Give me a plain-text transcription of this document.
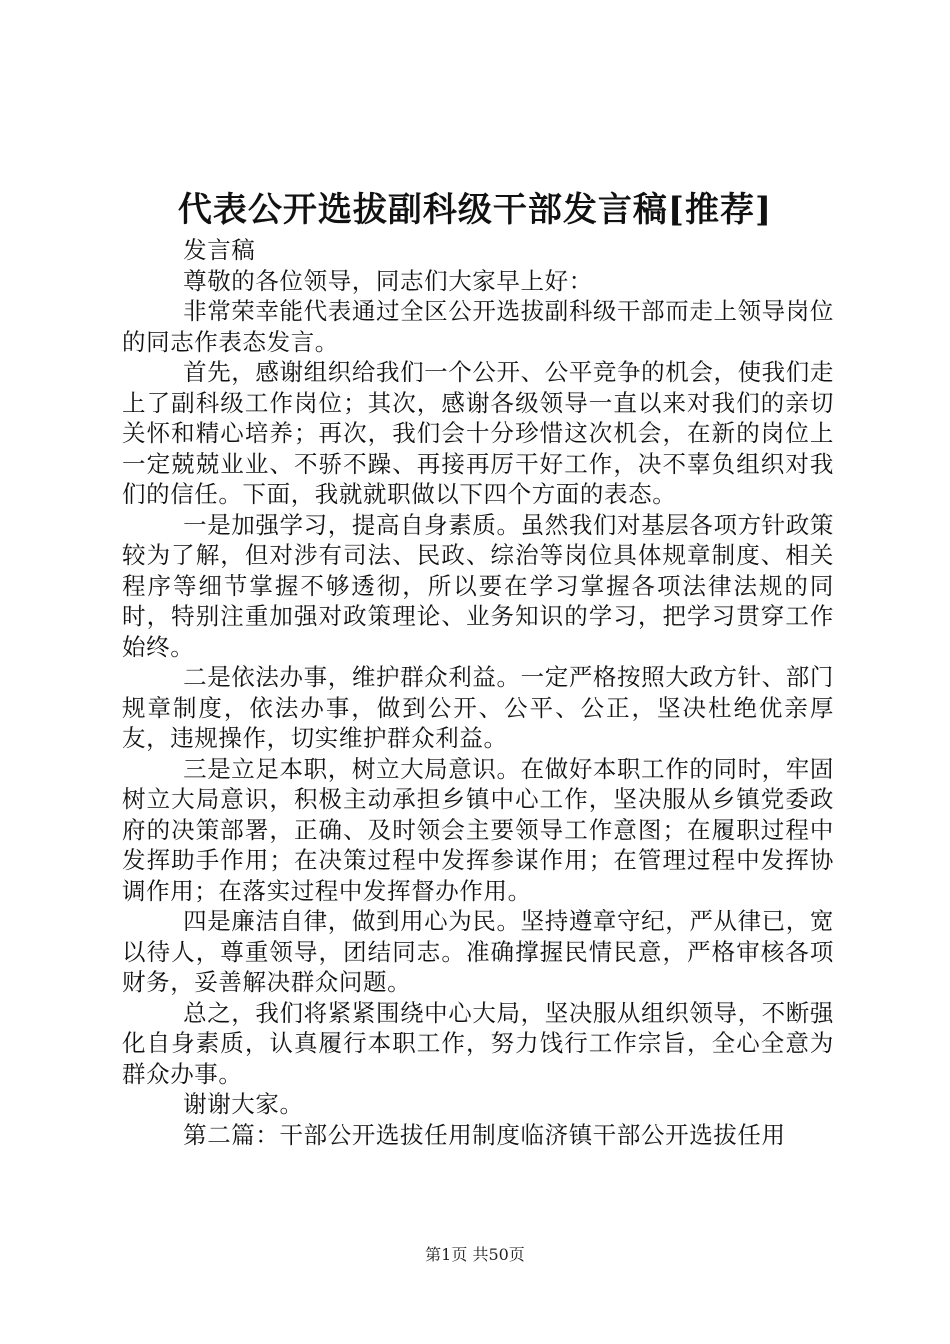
代表公开选拔副科级干部发言稿[推荐]

发言稿

尊敬的各位领导，同志们大家早上好：

非常荣幸能代表通过全区公开选拔副科级干部而走上领导岗位的同志作表态发言。

首先，感谢组织给我们一个公开、公平竞争的机会，使我们走上了副科级工作岗位；其次，感谢各级领导一直以来对我们的亲切关怀和精心培养；再次，我们会十分珍惜这次机会，在新的岗位上一定兢兢业业、不骄不躁、再接再厉干好工作，决不辜负组织对我们的信任。下面，我就就职做以下四个方面的表态。

一是加强学习，提高自身素质。虽然我们对基层各项方针政策较为了解，但对涉有司法、民政、综治等岗位具体规章制度、相关程序等细节掌握不够透彻，所以要在学习掌握各项法律法规的同时，特别注重加强对政策理论、业务知识的学习，把学习贯穿工作始终。

二是依法办事，维护群众利益。一定严格按照大政方针、部门规章制度，依法办事，做到公开、公平、公正，坚决杜绝优亲厚友，违规操作，切实维护群众利益。

三是立足本职，树立大局意识。在做好本职工作的同时，牢固树立大局意识，积极主动承担乡镇中心工作，坚决服从乡镇党委政府的决策部署，正确、及时领会主要领导工作意图；在履职过程中发挥助手作用；在决策过程中发挥参谋作用；在管理过程中发挥协调作用；在落实过程中发挥督办作用。

四是廉洁自律，做到用心为民。坚持遵章守纪，严从律已，宽以待人，尊重领导，团结同志。准确撑握民情民意，严格审核各项财务，妥善解决群众问题。

总之，我们将紧紧围绕中心大局，坚决服从组织领导，不断强化自身素质，认真履行本职工作，努力饯行工作宗旨，全心全意为群众办事。

谢谢大家。

第二篇：干部公开选拔任用制度临济镇干部公开选拔任用

第1页 共50页
